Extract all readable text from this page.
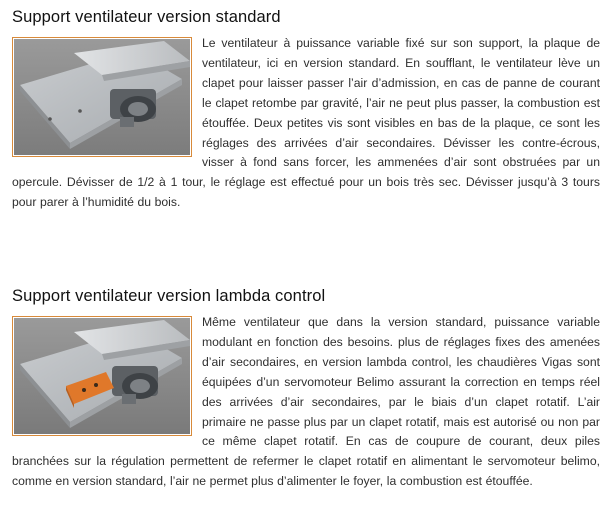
Support ventilateur version standard

Le ventilateur à puissance variable fixé sur son support, la plaque de ventilateur, ici en version standard. En soufflant, le ventilateur lève un clapet pour laisser passer l’air d’admission, en cas de panne de courant le clapet retombe par gravité, l’air ne peut plus passer, la combustion est étouffée. Deux petites vis sont visibles en bas de la plaque, ce sont les réglages des arrivées d’air secondaires. Dévisser les contre-écrous, visser à fond sans forcer, les ammenées d’air sont obstruées par un opercule. Dévisser de 1/2 à 1 tour, le réglage est effectué pour un bois très sec. Dévisser jusqu’à 3 tours pour parer à l’humidité du bois.

Support ventilateur version lambda control

Même ventilateur que dans la version standard, puissance variable modulant en fonction des besoins. plus de réglages fixes des amenées d’air secondaires, en version lambda control, les chaudières Vigas sont équipées d’un servomoteur Belimo assurant la correction en temps réel des arrivées d’air secondaires, par le biais d’un clapet rotatif. L’air primaire ne passe plus par un clapet rotatif, mais est autorisé ou non par ce même clapet rotatif. En cas de coupure de courant, deux piles branchées sur la régulation permettent de refermer le clapet rotatif en alimentant le servomoteur belimo, comme en version standard, l’air ne permet plus d’alimenter le foyer, la combustion est étouffée.
